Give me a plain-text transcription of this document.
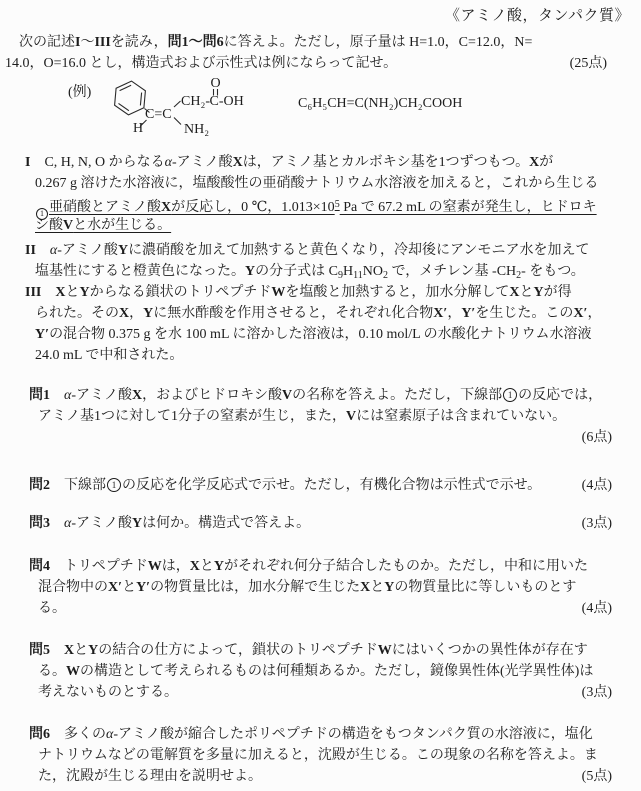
《アミノ酸，タンパク質》
　次の記述I～IIIを読み，問1～問6に答えよ。ただし，原子量は H=1.0，C=12.0，N=
14.0，O=16.0 とし，構造式および示性式は例にならって記せ。	(25点)
(例)
C=C
H
CH₂- C-OH
O
NH₂
C₆H₅CH=C(NH₂)CH₂COOH
I　C, H, N, O からなるα-アミノ酸Xは，アミノ基とカルボキシ基を1つずつもつ。Xが
0.267 g 溶けた水溶液に，塩酸酸性の亜硝酸ナトリウム水溶液を加えると，これから生じる
1 亜硝酸とアミノ酸Xが反応し，0 ℃，$1.013\times 10^5$ Pa で 67.2 mL の窒素が発生し，ヒドロキ
シ酸Vと水が生じる。
II　 α-アミノ酸Yに濃硝酸を加えて加熱すると黄色くなり，冷却後にアンモニア水を加えて
塩基性にすると橙黄色になった。Yの分子式は $C_9H_{11}NO_2$ で，メチレン基 $-CH_2-$ をもつ。
III　 XとYからなる鎖状のトリペプチドWを塩酸と加熱すると，加水分解してXとYが得
られた。そのX，Yに無水酢酸を作用させると，それぞれ化合物X′，Y′を生じた。このX′，
Y′の混合物 0.375 g を水 100 mL に溶かした溶液は，0.10 mol/L の水酸化ナトリウム水溶液
24.0 mL で中和された。
問1　 α-アミノ酸X，およびヒドロキシ酸Vの名称を答えよ。ただし，下線部 1 の反応では，
アミノ基1つに対して1分子の窒素が生じ，また，Vには窒素原子は含まれていない。
(6点)
問2　下線部 1 の反応を化学反応式で示せ。ただし，有機化合物は示性式で示せ。	(4点)
問3　 α-アミノ酸Yは何か。構造式で答えよ。	(3点)
問4　トリペプチドWは，XとYがそれぞれ何分子結合したものか。ただし，中和に用いた
混合物中のX′とY′の物質量比は，加水分解で生じたXとYの物質量比に等しいものとす
る。	(4点)
問5　 XとYの結合の仕方によって，鎖状のトリペプチドWにはいくつかの異性体が存在す
る。Wの構造として考えられるものは何種類あるか。ただし，鏡像異性体(光学異性体)は
考えないものとする。	(3点)
問6　多くのα-アミノ酸が縮合したポリペプチドの構造をもつタンパク質の水溶液に，塩化
ナトリウムなどの電解質を多量に加えると，沈殿が生じる。この現象の名称を答えよ。ま
た，沈殿が生じる理由を説明せよ。	(5点)
